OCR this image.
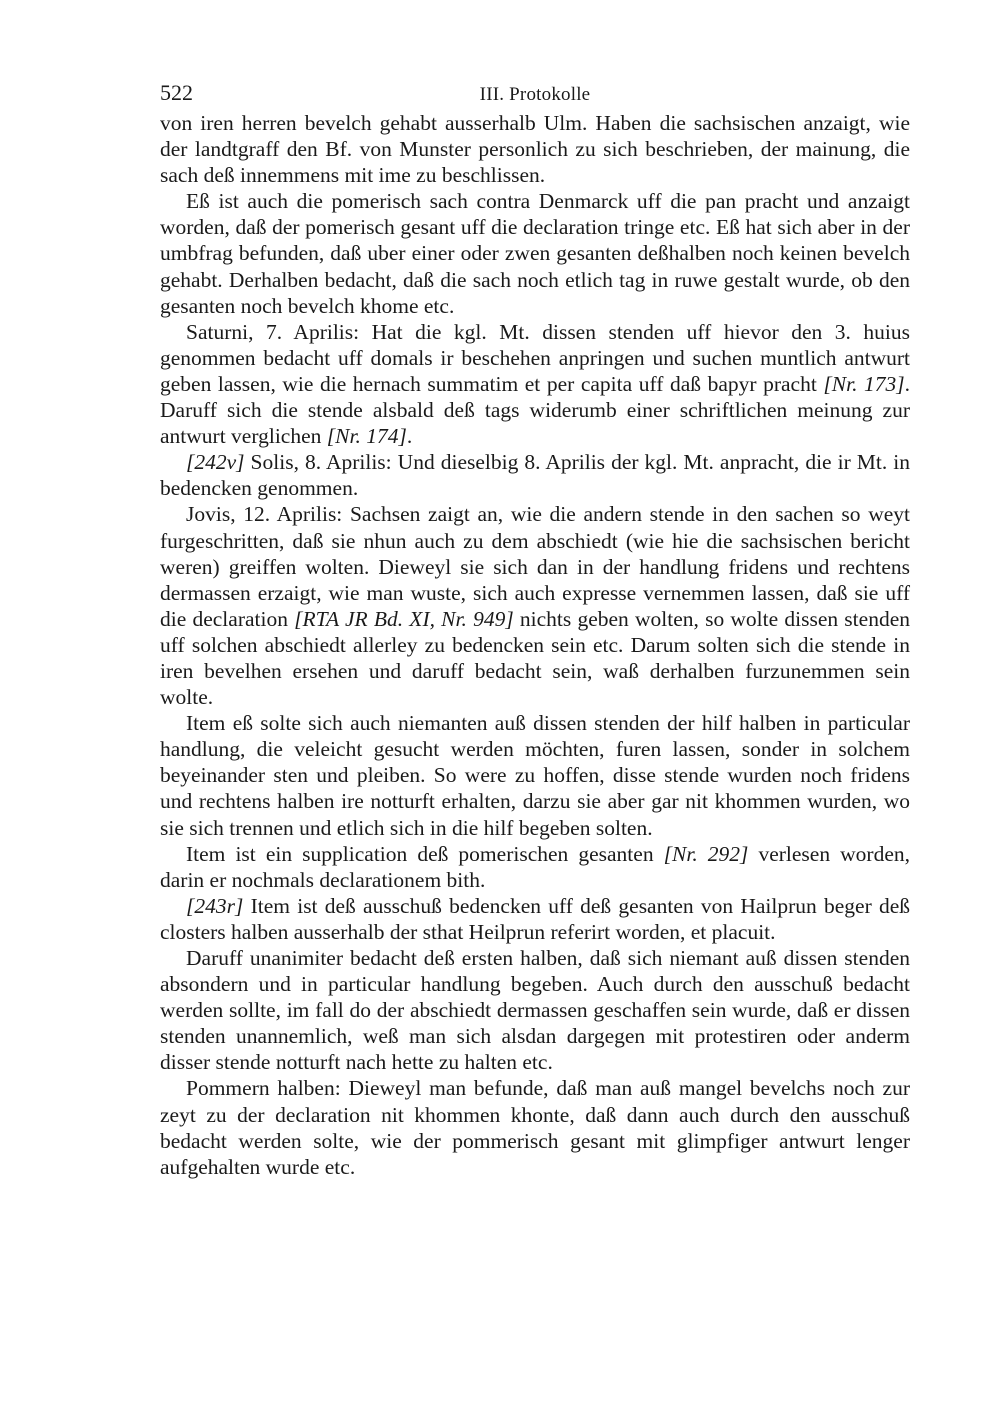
522	III. Protokolle

von iren herren bevelch gehabt ausserhalb Ulm. Haben die sachsischen anzaigt, wie der landtgraff den Bf. von Munster personlich zu sich beschrieben, der mainung, die sach deß innemmens mit ime zu beschlissen.

Eß ist auch die pomerisch sach contra Denmarck uff die pan pracht und anzaigt worden, daß der pomerisch gesant uff die declaration tringe etc. Eß hat sich aber in der umbfrag befunden, daß uber einer oder zwen gesanten deßhalben noch keinen bevelch gehabt. Derhalben bedacht, daß die sach noch etlich tag in ruwe gestalt wurde, ob den gesanten noch bevelch khome etc.

Saturni, 7. Aprilis: Hat die kgl. Mt. dissen stenden uff hievor den 3. huius genommen bedacht uff domals ir beschehen anpringen und suchen muntlich antwurt geben lassen, wie die hernach summatim et per capita uff daß bapyr pracht [Nr. 173]. Daruff sich die stende alsbald deß tags widerumb einer schriftlichen meinung zur antwurt verglichen [Nr. 174].

[242v] Solis, 8. Aprilis: Und dieselbig 8. Aprilis der kgl. Mt. anpracht, die ir Mt. in bedencken genommen.

Jovis, 12. Aprilis: Sachsen zaigt an, wie die andern stende in den sachen so weyt furgeschritten, daß sie nhun auch zu dem abschiedt (wie hie die sachsischen bericht weren) greiffen wolten. Dieweyl sie sich dan in der handlung fridens und rechtens dermassen erzaigt, wie man wuste, sich auch expresse vernemmen lassen, daß sie uff die declaration [RTA JR Bd. XI, Nr. 949] nichts geben wolten, so wolte dissen stenden uff solchen abschiedt allerley zu bedencken sein etc. Darum solten sich die stende in iren bevelhen ersehen und daruff bedacht sein, waß derhalben furzunemmen sein wolte.

Item eß solte sich auch niemanten auß dissen stenden der hilf halben in particular handlung, die veleicht gesucht werden möchten, furen lassen, sonder in solchem beyeinander sten und pleiben. So were zu hoffen, disse stende wurden noch fridens und rechtens halben ire notturft erhalten, darzu sie aber gar nit khommen wurden, wo sie sich trennen und etlich sich in die hilf begeben solten.

Item ist ein supplication deß pomerischen gesanten [Nr. 292] verlesen worden, darin er nochmals declarationem bith.

[243r] Item ist deß ausschuß bedencken uff deß gesanten von Hailprun beger deß closters halben ausserhalb der sthat Heilprun referirt worden, et placuit.

Daruff unanimiter bedacht deß ersten halben, daß sich niemant auß dissen stenden absondern und in particular handlung begeben. Auch durch den ausschuß bedacht werden sollte, im fall do der abschiedt dermassen geschaffen sein wurde, daß er dissen stenden unannemlich, weß man sich alsdan dargegen mit protestiren oder anderm disser stende notturft nach hette zu halten etc.

Pommern halben: Dieweyl man befunde, daß man auß mangel bevelchs noch zur zeyt zu der declaration nit khommen khonte, daß dann auch durch den ausschuß bedacht werden solte, wie der pommerisch gesant mit glimpfiger antwurt lenger aufgehalten wurde etc.
